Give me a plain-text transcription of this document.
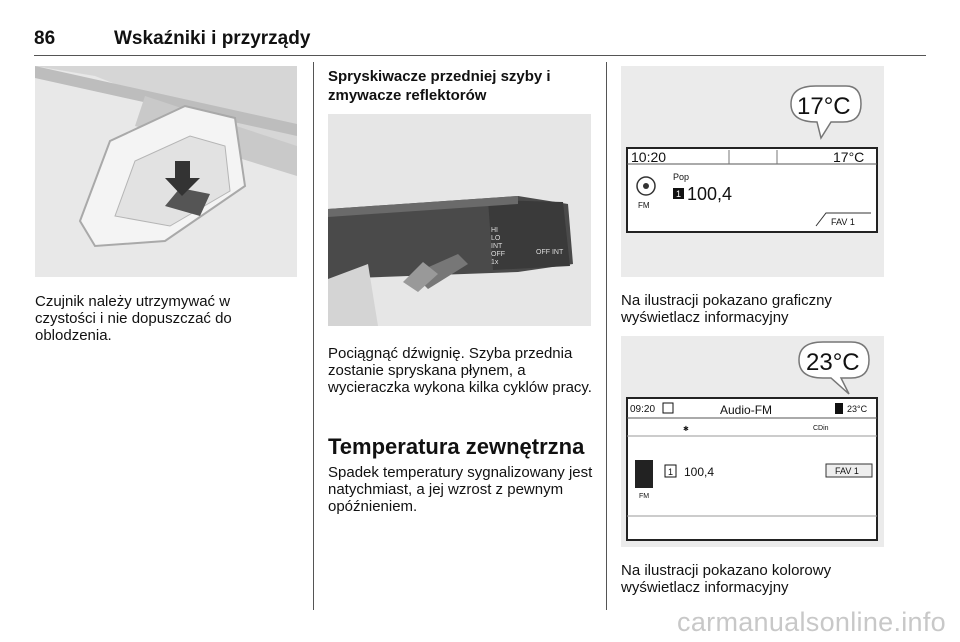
86	Wskaźniki i przyrządy
Czujnik należy utrzymywać w czystości i nie dopuszczać do oblodzenia.
Spryskiwacze przedniej szyby i zmywacze reflektorów
HI
LO
INT
OFF
1x
OFF INT
Pociągnąć dźwignię. Szyba przednia zostanie spryskana płynem, a wycieraczka wykona kilka cyklów pracy.
Temperatura zewnętrzna
Spadek temperatury sygnalizowany jest natychmiast, a jej wzrost z pewnym opóźnieniem.
17°C
10:20	17°C
FM
Pop
1 100,4
FAV 1
Na ilustracji pokazano graficzny wyświetlacz informacyjny
23°C
09:20	Audio-FM	23°C
✱	CDin
FM
1 100,4	FAV 1
Na ilustracji pokazano kolorowy wyświetlacz informacyjny
carmanualsonline.info
